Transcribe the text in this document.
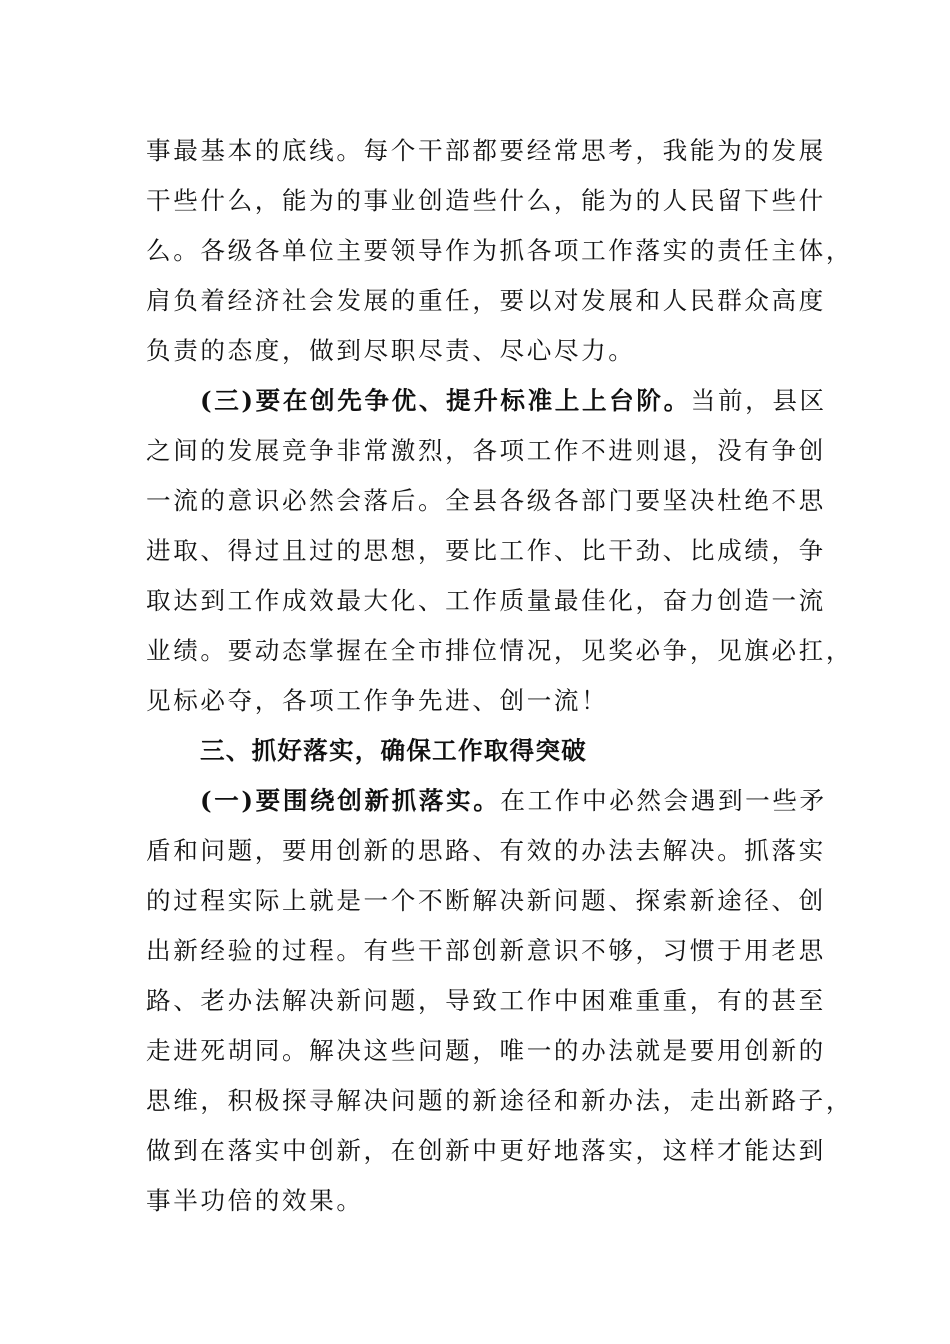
事最基本的底线。每个干部都要经常思考，我能为的发展
干些什么，能为的事业创造些什么，能为的人民留下些什
么。各级各单位主要领导作为抓各项工作落实的责任主体，
肩负着经济社会发展的重任，要以对发展和人民群众高度
负责的态度，做到尽职尽责、尽心尽力。
(三)要在创先争优、提升标准上上台阶。当前，县区
之间的发展竞争非常激烈，各项工作不进则退，没有争创
一流的意识必然会落后。全县各级各部门要坚决杜绝不思
进取、得过且过的思想，要比工作、比干劲、比成绩，争
取达到工作成效最大化、工作质量最佳化，奋力创造一流
业绩。要动态掌握在全市排位情况，见奖必争，见旗必扛，
见标必夺，各项工作争先进、创一流！
三、抓好落实，确保工作取得突破
(一)要围绕创新抓落实。在工作中必然会遇到一些矛
盾和问题，要用创新的思路、有效的办法去解决。抓落实
的过程实际上就是一个不断解决新问题、探索新途径、创
出新经验的过程。有些干部创新意识不够，习惯于用老思
路、老办法解决新问题，导致工作中困难重重，有的甚至
走进死胡同。解决这些问题，唯一的办法就是要用创新的
思维，积极探寻解决问题的新途径和新办法，走出新路子，
做到在落实中创新，在创新中更好地落实，这样才能达到
事半功倍的效果。
